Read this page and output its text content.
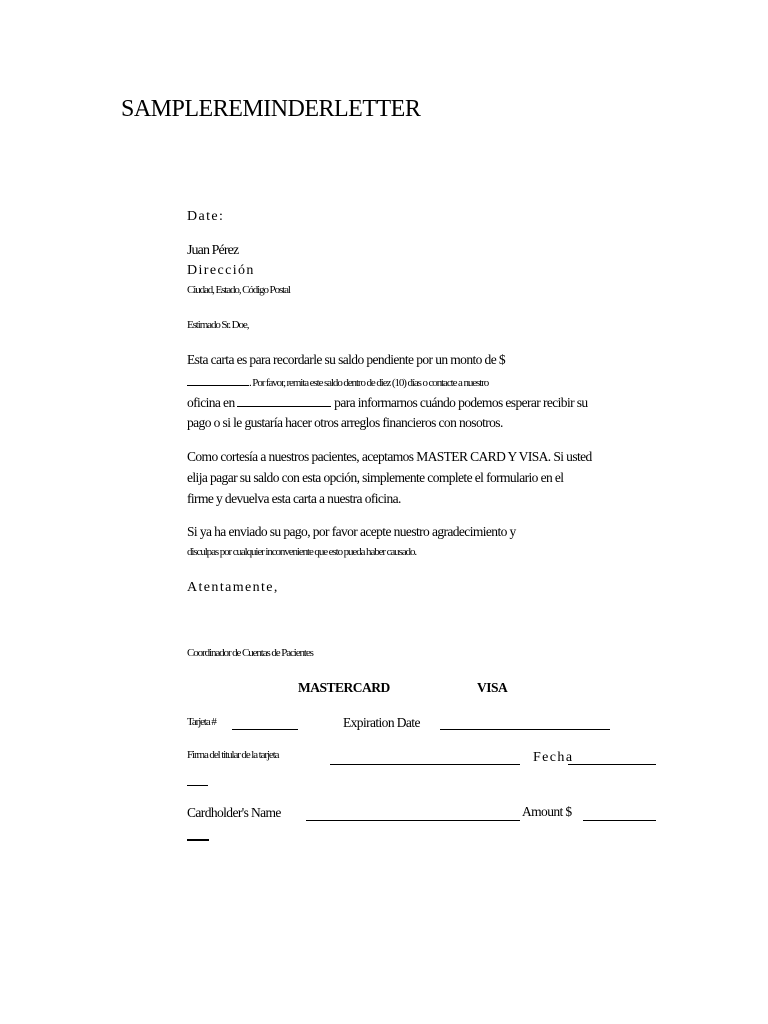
SAMPLEREMINDERLETTER
Date:
Juan Pérez
Dirección
Ciudad, Estado, Código Postal
Estimado Sr. Doe,
Esta carta es para recordarle su saldo pendiente por un monto de $
. Por favor, remita este saldo dentro de diez (10) días o contacte a nuestro
oficina en	para informarnos cuándo podemos esperar recibir su
pago o si le gustaría hacer otros arreglos financieros con nosotros.
Como cortesía a nuestros pacientes, aceptamos MASTER CARD Y VISA. Si usted
elija pagar su saldo con esta opción, simplemente complete el formulario en el
firme y devuelva esta carta a nuestra oficina.
Si ya ha enviado su pago, por favor acepte nuestro agradecimiento y
disculpas por cualquier inconveniente que esto pueda haber causado.
Atentamente,
Coordinador de Cuentas de Pacientes
MASTERCARD	VISA
Tarjeta #	Expiration Date
Firma del titular de la tarjeta	Fecha
Cardholder's Name	Amount $
